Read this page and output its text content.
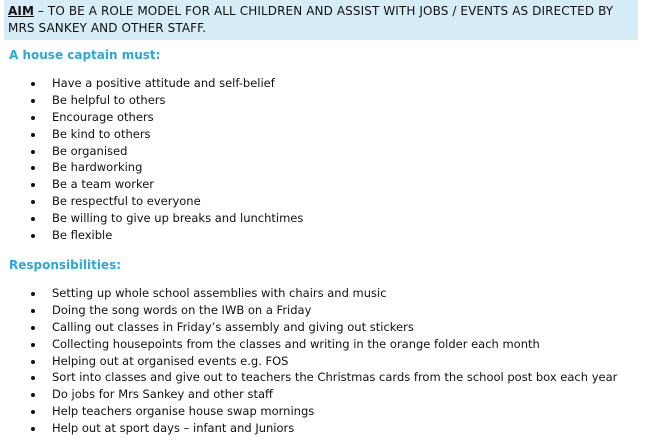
AIM – TO BE A ROLE MODEL FOR ALL CHILDREN AND ASSIST WITH JOBS / EVENTS AS DIRECTED BY MRS SANKEY AND OTHER STAFF.
A house captain must:
Have a positive attitude and self-belief
Be helpful to others
Encourage others
Be kind to others
Be organised
Be hardworking
Be a team worker
Be respectful to everyone
Be willing to give up breaks and lunchtimes
Be flexible
Responsibilities:
Setting up whole school assemblies with chairs and music
Doing the song words on the IWB on a Friday
Calling out classes in Friday’s assembly and giving out stickers
Collecting housepoints from the classes and writing in the orange folder each month
Helping out at organised events e.g. FOS
Sort into classes and give out to teachers the Christmas cards from the school post box each year
Do jobs for Mrs Sankey and other staff
Help teachers organise house swap mornings
Help out at sport days – infant and Juniors
